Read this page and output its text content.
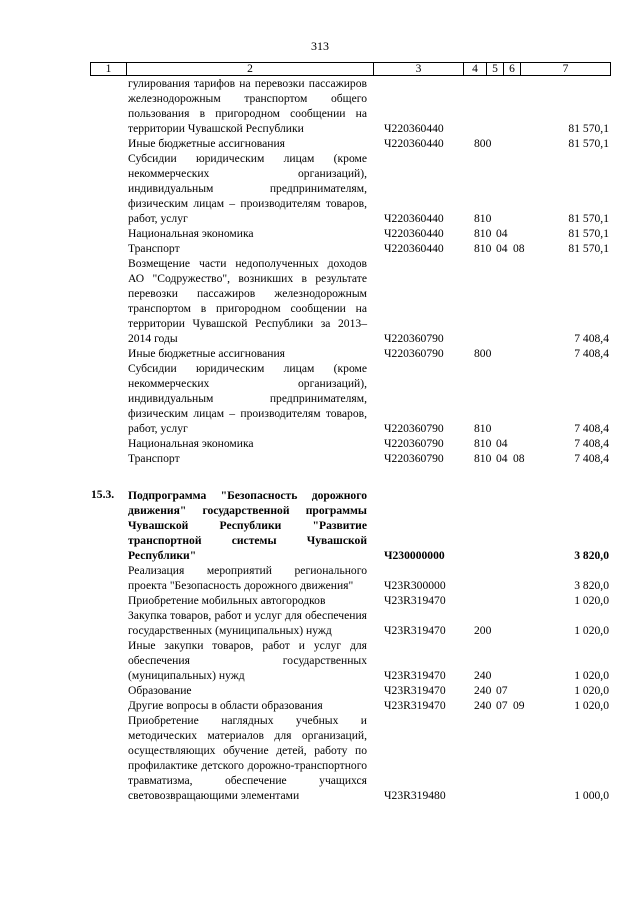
313
1	2	3	4	5	6	7
гулирования тарифов на перевозки пассажиров железнодорожным транспортом общего пользования в пригородном сообщении на территории Чувашской Республики	Ч220360440	81 570,1
Иные бюджетные ассигнования	Ч220360440	800	81 570,1
Субсидии юридическим лицам (кроме некоммерческих организаций), индивидуальным предпринимателям, физическим лицам – производителям товаров, работ, услуг	Ч220360440	810	81 570,1
Национальная экономика	Ч220360440	810 04	81 570,1
Транспорт	Ч220360440	810 04 08	81 570,1
Возмещение части недополученных доходов АО "Содружество", возникших в результате перевозки пассажиров железнодорожным транспортом в пригородном сообщении на территории Чувашской Республики за 2013–2014 годы	Ч220360790	7 408,4
Иные бюджетные ассигнования	Ч220360790	800	7 408,4
Субсидии юридическим лицам (кроме некоммерческих организаций), индивидуальным предпринимателям, физическим лицам – производителям товаров, работ, услуг	Ч220360790	810	7 408,4
Национальная экономика	Ч220360790	810 04	7 408,4
Транспорт	Ч220360790	810 04 08	7 408,4
15.3.	Подпрограмма "Безопасность дорожного движения" государственной программы Чувашской Республики "Развитие транспортной системы Чувашской Республики"	Ч230000000	3 820,0
Реализация мероприятий регионального проекта "Безопасность дорожного движения"	Ч23R300000	3 820,0
Приобретение мобильных автогородков	Ч23R319470	1 020,0
Закупка товаров, работ и услуг для обеспечения государственных (муниципальных) нужд	Ч23R319470 200	1 020,0
Иные закупки товаров, работ и услуг для обеспечения государственных (муниципальных) нужд	Ч23R319470 240	1 020,0
Образование	Ч23R319470 240 07	1 020,0
Другие вопросы в области образования	Ч23R319470 240 07 09	1 020,0
Приобретение наглядных учебных и методических материалов для организаций, осуществляющих обучение детей, работу по профилактике детского дорожно-транспортного травматизма, обеспечение учащихся световозвращающими элементами	Ч23R319480	1 000,0
